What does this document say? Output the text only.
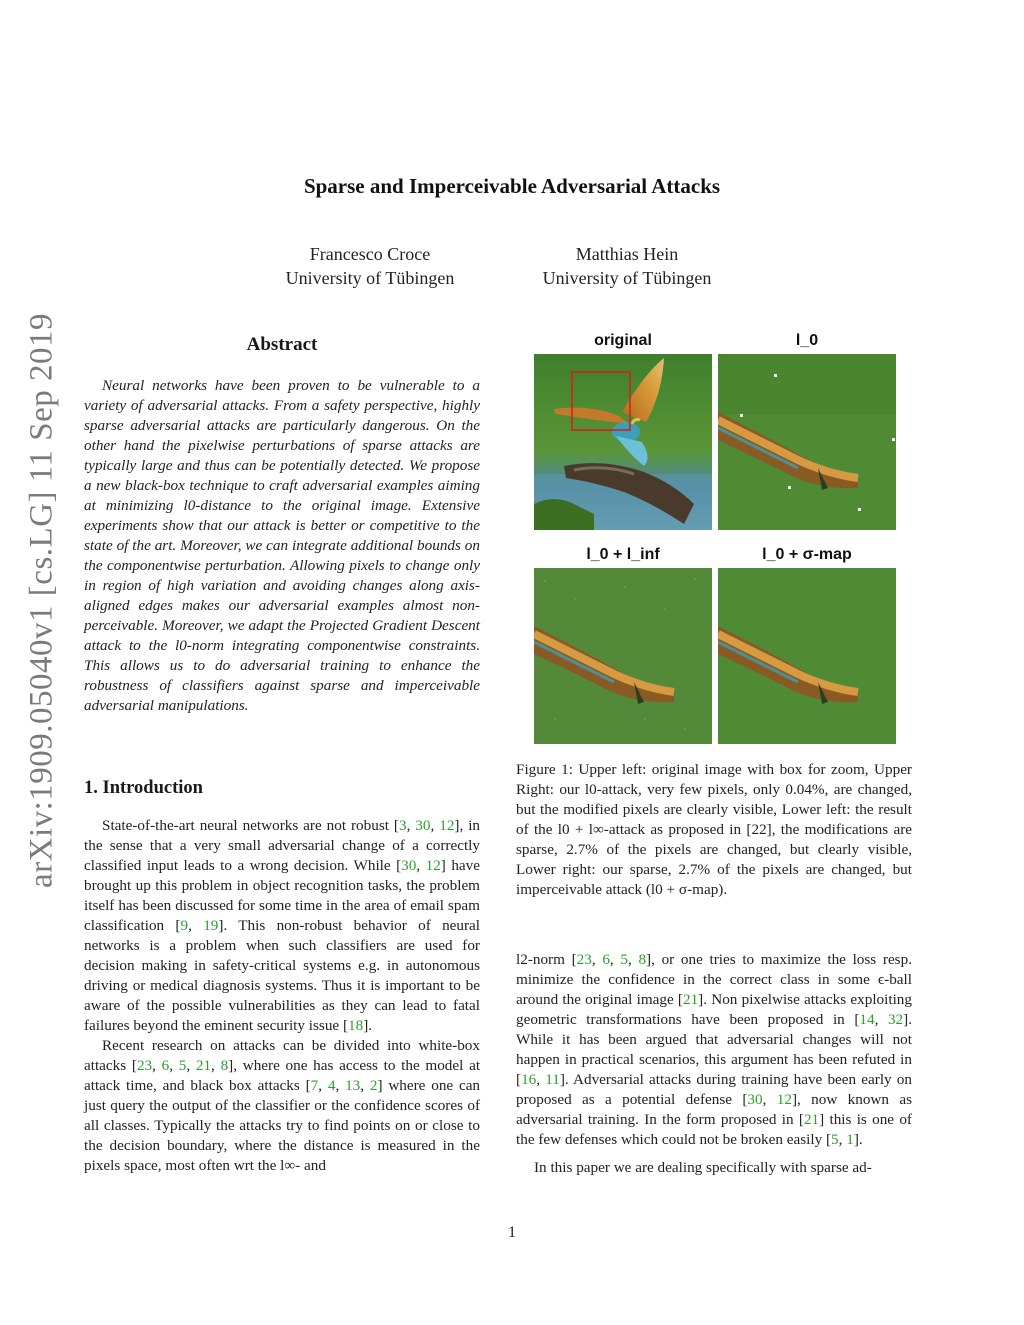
arXiv:1909.05040v1 [cs.LG] 11 Sep 2019
Sparse and Imperceivable Adversarial Attacks
Francesco Croce
University of Tübingen
Matthias Hein
University of Tübingen
Abstract
Neural networks have been proven to be vulnerable to a variety of adversarial attacks. From a safety perspective, highly sparse adversarial attacks are particularly dangerous. On the other hand the pixelwise perturbations of sparse attacks are typically large and thus can be potentially detected. We propose a new black-box technique to craft adversarial examples aiming at minimizing l0-distance to the original image. Extensive experiments show that our attack is better or competitive to the state of the art. Moreover, we can integrate additional bounds on the componentwise perturbation. Allowing pixels to change only in region of high variation and avoiding changes along axis-aligned edges makes our adversarial examples almost non-perceivable. Moreover, we adapt the Projected Gradient Descent attack to the l0-norm integrating componentwise constraints. This allows us to do adversarial training to enhance the robustness of classifiers against sparse and imperceivable adversarial manipulations.
1. Introduction

State-of-the-art neural networks are not robust [3, 30, 12], in the sense that a very small adversarial change of a correctly classified input leads to a wrong decision. While [30, 12] have brought up this problem in object recognition tasks, the problem itself has been discussed for some time in the area of email spam classification [9, 19]. This non-robust behavior of neural networks is a problem when such classifiers are used for decision making in safety-critical systems e.g. in autonomous driving or medical diagnosis systems. Thus it is important to be aware of the possible vulnerabilities as they can lead to fatal failures beyond the eminent security issue [18].

Recent research on attacks can be divided into white-box attacks [23, 6, 5, 21, 8], where one has access to the model at attack time, and black box attacks [7, 4, 13, 2] where one can just query the output of the classifier or the confidence scores of all classes. Typically the attacks try to find points on or close to the decision boundary, where the distance is measured in the pixels space, most often wrt the l∞- and

l2-norm [23, 6, 5, 8], or one tries to maximize the loss resp. minimize the confidence in the correct class in some ϵ-ball around the original image [21]. Non pixelwise attacks exploiting geometric transformations have been proposed in [14, 32]. While it has been argued that adversarial changes will not happen in practical scenarios, this argument has been refuted in [16, 11]. Adversarial attacks during training have been early on proposed as a potential defense [30, 12], now known as adversarial training. In the form proposed in [21] this is one of the few defenses which could not be broken easily [5, 1].

In this paper we are dealing specifically with sparse ad-

original	l_0
l_0 + l_inf	l_0 + σ-map
Figure 1: Upper left: original image with box for zoom, Upper Right: our l0-attack, very few pixels, only 0.04%, are changed, but the modified pixels are clearly visible, Lower left: the result of the l0 + l∞-attack as proposed in [22], the modifications are sparse, 2.7% of the pixels are changed, but clearly visible, Lower right: our sparse, 2.7% of the pixels are changed, but imperceivable attack (l0 + σ-map).
1
